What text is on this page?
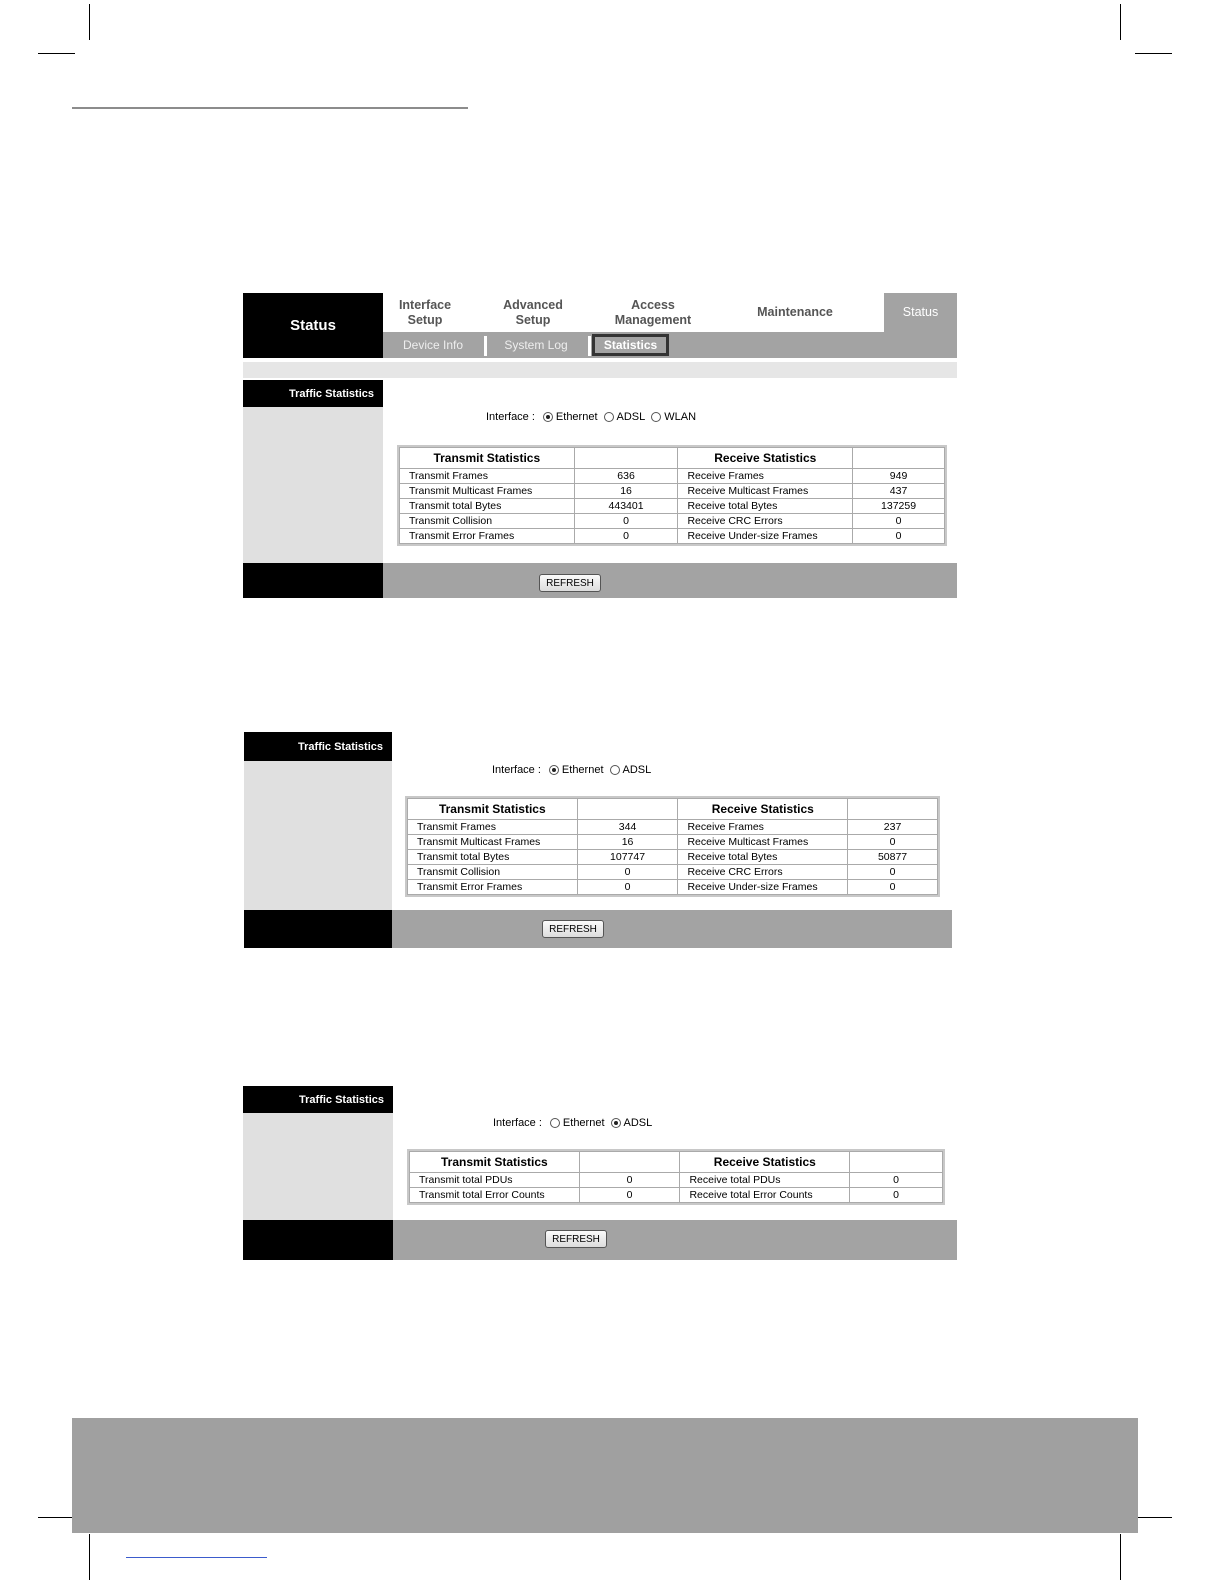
Status
Interface
Setup
Advanced
Setup
Access
Management
Maintenance	Status
Device Info	System Log	Statistics
Traffic Statistics
Interface : Ethernet ADSL WLAN
Transmit Statistics		Receive Statistics	
Transmit Frames	636	Receive Frames	949
Transmit Multicast Frames	16	Receive Multicast Frames	437
Transmit total Bytes	443401	Receive total Bytes	137259
Transmit Collision	0	Receive CRC Errors	0
Transmit Error Frames	0	Receive Under-size Frames	0
REFRESH
Traffic Statistics
Interface : Ethernet ADSL
Transmit Statistics		Receive Statistics	
Transmit Frames	344	Receive Frames	237
Transmit Multicast Frames	16	Receive Multicast Frames	0
Transmit total Bytes	107747	Receive total Bytes	50877
Transmit Collision	0	Receive CRC Errors	0
Transmit Error Frames	0	Receive Under-size Frames	0
REFRESH
Traffic Statistics
Interface : Ethernet ADSL
Transmit Statistics		Receive Statistics	
Transmit total PDUs	0	Receive total PDUs	0
Transmit total Error Counts	0	Receive total Error Counts	0
REFRESH
